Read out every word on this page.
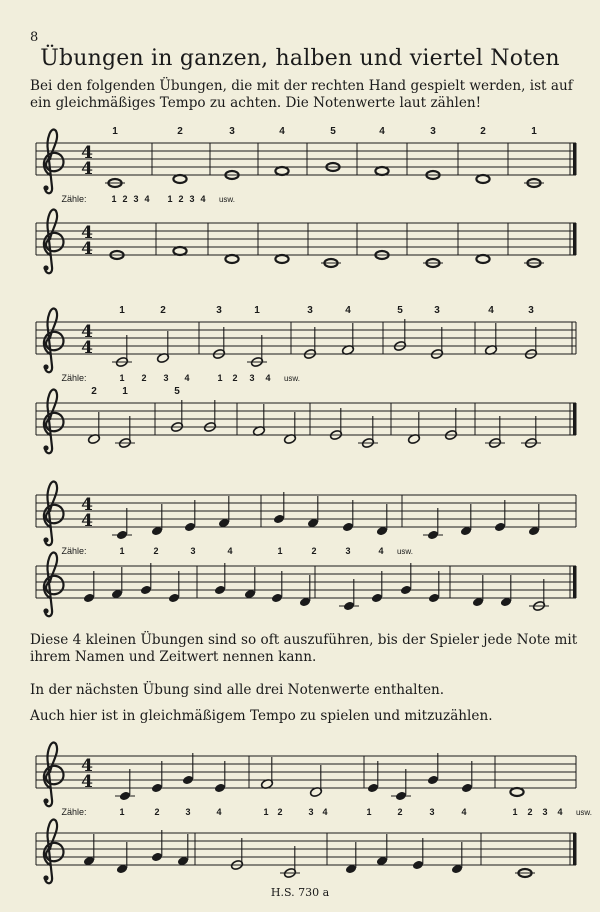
8
Übungen in ganzen, halben und viertel Noten
Bei den folgenden Übungen, die mit der rechten Hand gespielt werden, ist auf ein gleichmäßiges Tempo zu achten. Die Notenwerte laut zählen!
4
4
1	2	3	4	5	4	3	2	1
Zähle:	1 2 3 4 1 2 3 4 usw.
4
4
4
4
1	2	3	1	3	4	5	3	4	3
Zähle:	1 2 3 4	1 2 3 4 usw.
2	1	5
4
4
Zähle:	1	2	3	4	1	2	3	4 usw.
4
4
Zähle:	1	2	3	4	1 2	3 4	1	2	3	4	1 2 3 4 usw.
Diese 4 kleinen Übungen sind so oft auszuführen, bis der Spieler jede Note mit ihrem Namen und Zeitwert nennen kann.
In der nächsten Übung sind alle drei Notenwerte enthalten.
Auch hier ist in gleichmäßigem Tempo zu spielen und mitzuzählen.
H.S. 730 a
